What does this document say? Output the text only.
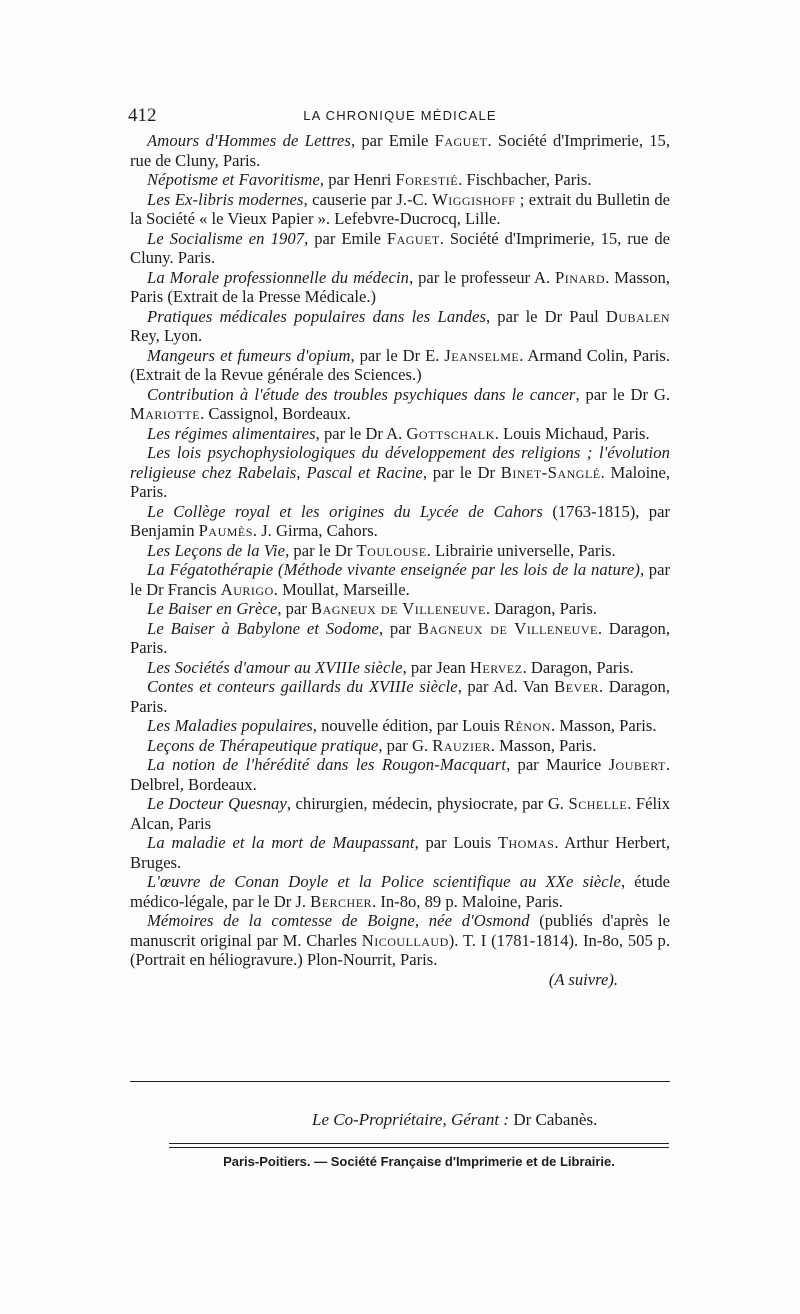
412	LA CHRONIQUE MÉDICALE

Amours d'Hommes de Lettres, par Emile Faguet. Société d'Imprimerie, 15, rue de Cluny, Paris.

Népotisme et Favoritisme, par Henri Forestié. Fischbacher, Paris.

Les Ex-libris modernes, causerie par J.-C. Wiggishoff ; extrait du Bulletin de la Société « le Vieux Papier ». Lefebvre-Ducrocq, Lille.

Le Socialisme en 1907, par Emile Faguet. Société d'Imprimerie, 15, rue de Cluny. Paris.

La Morale professionnelle du médecin, par le professeur A. Pinard. Masson, Paris (Extrait de la Presse Médicale.)

Pratiques médicales populaires dans les Landes, par le Dr Paul Dubalen Rey, Lyon.

Mangeurs et fumeurs d'opium, par le Dr E. Jeanselme. Armand Colin, Paris. (Extrait de la Revue générale des Sciences.)

Contribution à l'étude des troubles psychiques dans le cancer, par le Dr G. Mariotte. Cassignol, Bordeaux.

Les régimes alimentaires, par le Dr A. Gottschalk. Louis Michaud, Paris.

Les lois psychophysiologiques du développement des religions ; l'évolution religieuse chez Rabelais, Pascal et Racine, par le Dr Binet-Sanglé. Maloine, Paris.

Le Collège royal et les origines du Lycée de Cahors (1763-1815), par Benjamin Paumès. J. Girma, Cahors.

Les Leçons de la Vie, par le Dr Toulouse. Librairie universelle, Paris.

La Fégatothérapie (Méthode vivante enseignée par les lois de la nature), par le Dr Francis Aurigo. Moullat, Marseille.

Le Baiser en Grèce, par Bagneux de Villeneuve. Daragon, Paris.

Le Baiser à Babylone et Sodome, par Bagneux de Villeneuve. Daragon, Paris.

Les Sociétés d'amour au XVIIIe siècle, par Jean Hervez. Daragon, Paris.

Contes et conteurs gaillards du XVIIIe siècle, par Ad. Van Bever. Daragon, Paris.

Les Maladies populaires, nouvelle édition, par Louis Rénon. Masson, Paris.

Leçons de Thérapeutique pratique, par G. Rauzier. Masson, Paris.

La notion de l'hérédité dans les Rougon-Macquart, par Maurice Joubert. Delbrel, Bordeaux.

Le Docteur Quesnay, chirurgien, médecin, physiocrate, par G. Schelle. Félix Alcan, Paris

La maladie et la mort de Maupassant, par Louis Thomas. Arthur Herbert, Bruges.

L'œuvre de Conan Doyle et la Police scientifique au XXe siècle, étude médico-légale, par le Dr J. Bercher. In-8o, 89 p. Maloine, Paris.

Mémoires de la comtesse de Boigne, née d'Osmond (publiés d'après le manuscrit original par M. Charles Nicoullaud). T. I (1781-1814). In-8o, 505 p. (Portrait en héliogravure.) Plon-Nourrit, Paris.

(A suivre).

Le Co-Propriétaire, Gérant : Dr Cabanès.
Paris-Poitiers. — Société Française d'Imprimerie et de Librairie.
